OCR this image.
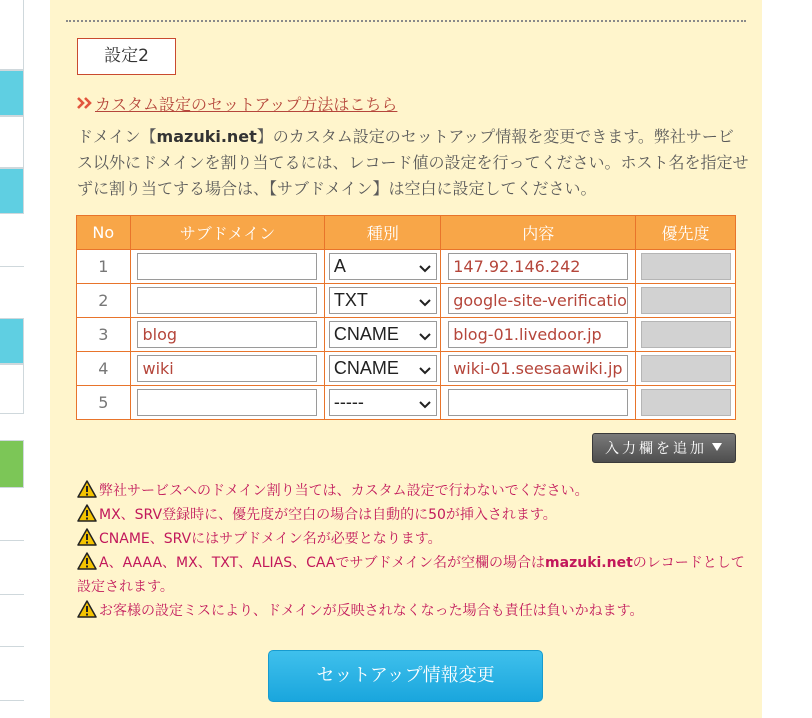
設定2
カスタム設定のセットアップ方法はこちら
ドメイン【mazuki.net】のカスタム設定のセットアップ情報を変更できます。弊社サービス以外にドメインを割り当てるには、レコード値の設定を行ってください。ホスト名を指定せずに割り当てする場合は、【サブドメイン】は空白に設定してください。
No	サブドメイン	種別	内容	優先度
1		A	147.92.146.242	

2		TXT	google-site-verificatio	

3	blog	CNAME	blog-01.livedoor.jp	

4	wiki	CNAME	wiki-01.seesaawiki.jp	

5		-----		

入力欄を追加
弊社サービスへのドメイン割り当ては、カスタム設定で行わないでください。
MX、SRV登録時に、優先度が空白の場合は自動的に50が挿入されます。
CNAME、SRVにはサブドメイン名が必要となります。
A、AAAA、MX、TXT、ALIAS、CAAでサブドメイン名が空欄の場合はmazuki.netのレコードとして設定されます。
お客様の設定ミスにより、ドメインが反映されなくなった場合も責任は負いかねます。
セットアップ情報変更
